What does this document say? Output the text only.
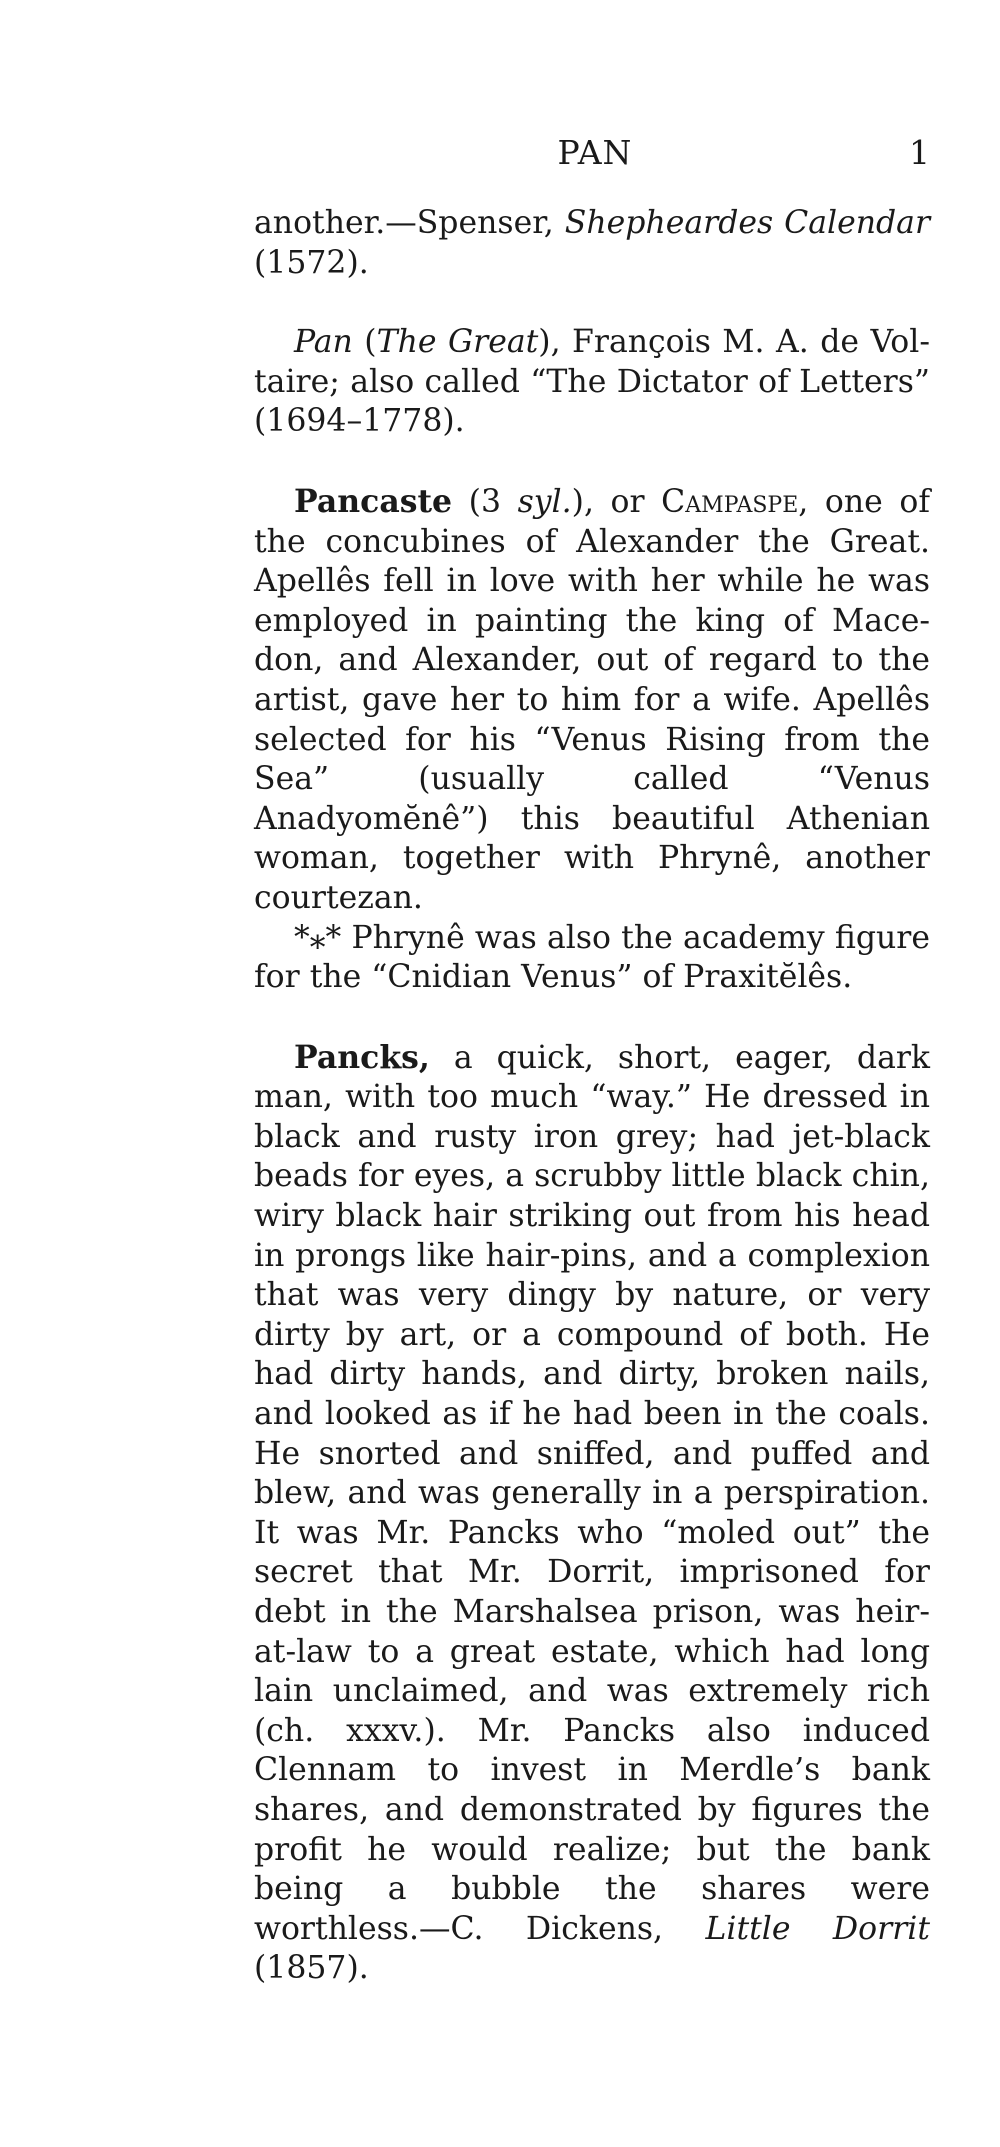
PAN	1

another.—Spenser, Shepheardes Calendar (1572).

Pan (The Great), François M. A. de Voltaire; also called “The Dictator of Letters” (1694–1778).

Pancaste (3 syl.), or Campaspe, one of the concubines of Alexander the Great. Apellês fell in love with her while he was employed in painting the king of Macedon, and Alexander, out of regard to the artist, gave her to him for a wife. Apellês selected for his “Venus Rising from the Sea” (usually called “Venus Anadyomĕnê”) this beautiful Athenian woman, together with Phrynê, another courtezan.

*⁎* Phrynê was also the academy figure for the “Cnidian Venus” of Praxitĕlês.

Pancks, a quick, short, eager, dark man, with too much “way.” He dressed in black and rusty iron grey; had jet-black beads for eyes, a scrubby little black chin, wiry black hair striking out from his head in prongs like hair-pins, and a complexion that was very dingy by nature, or very dirty by art, or a compound of both. He had dirty hands, and dirty, broken nails, and looked as if he had been in the coals. He snorted and sniffed, and puffed and blew, and was generally in a perspiration. It was Mr. Pancks who “moled out” the secret that Mr. Dorrit, imprisoned for debt in the Marshalsea prison, was heir-at-law to a great estate, which had long lain unclaimed, and was extremely rich (ch. xxxv.). Mr. Pancks also induced Clennam to invest in Merdle’s bank shares, and demonstrated by figures the profit he would realize; but the bank being a bubble the shares were worthless.—C. Dickens, Little Dorrit (1857).
